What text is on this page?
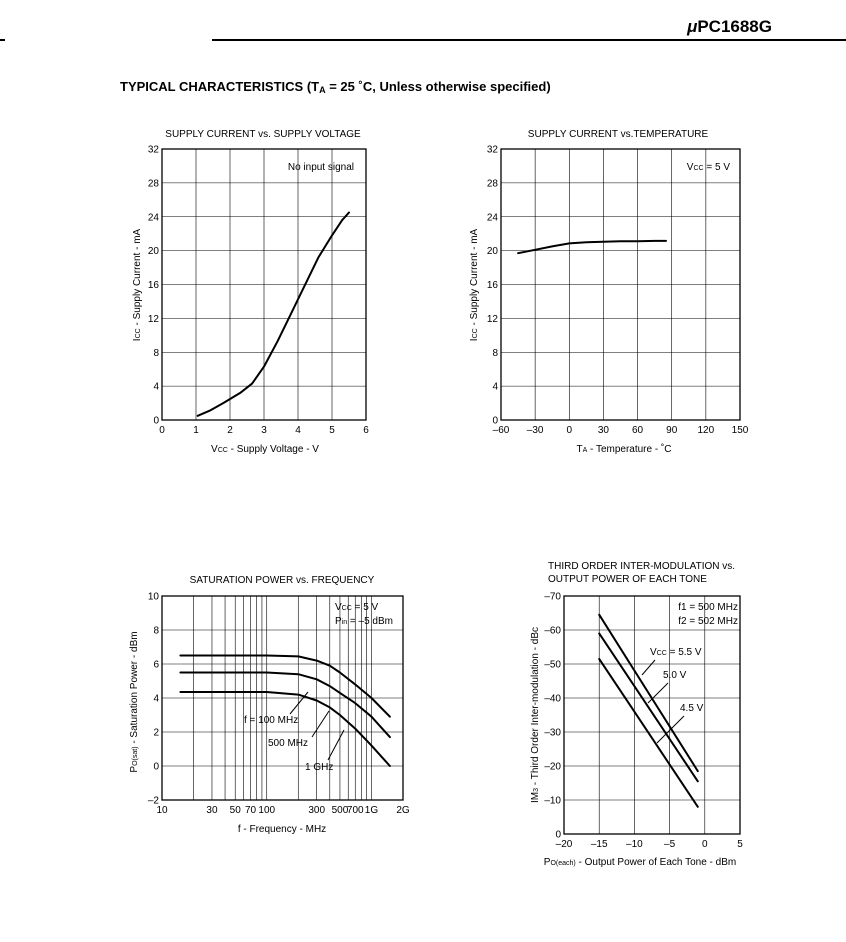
μPC1688G
TYPICAL CHARACTERISTICS ($T_A = 25$ ˚C, Unless otherwise specified)
SUPPLY CURRENT vs. SUPPLY VOLTAGE
No input signal
VCC - Supply Voltage - V
ICC - Supply Current - mA
0	1	2	3	4	5	6
0
4
8
12
16
20
24
28
32
SUPPLY CURRENT vs.TEMPERATURE
VCC = 5 V
TA - Temperature - ˚C
ICC - Supply Current - mA
–60 –30 0	30 60 90 120 150
0
4
8
12
16
20
24
28
32
SATURATION POWER vs. FREQUENCY
VCC = 5 V
Pin = –5 dBm
f = 100 MHz
500 MHz
1 GHz
f - Frequency - MHz
PO(sat) - Saturation Power - dBm
10	30 50 70 100	300 500
700 1G 2G
–2
0
2
4
6
8
10
THIRD ORDER INTER-MODULATION vs.
OUTPUT POWER OF EACH TONE
f1 = 500 MHz
f2 = 502 MHz
VCC = 5.5 V
5.0 V
4.5 V
PO(each) - Output Power of Each Tone - dBm
IM3 - Third Order Inter-modulation - dBc
–20 –15 –10 –5	0	5
0
–10
–20
–30
–40
–50
–60
–70
